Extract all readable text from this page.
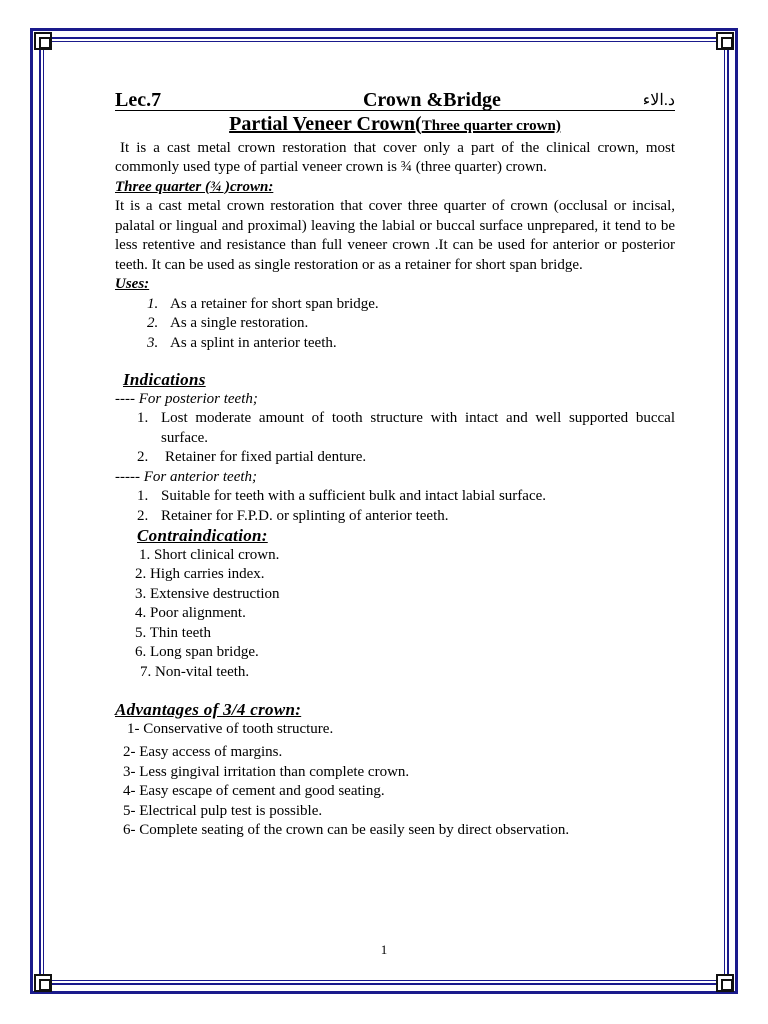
Lec.7	Crown &Bridge	د.الاء
Partial Veneer Crown(Three quarter crown)

It is a cast metal crown restoration that cover only a part of the clinical crown, most commonly used type of partial veneer crown is ¾ (three quarter) crown.

Three quarter (¾ )crown:

It is a cast metal crown restoration that cover three quarter of crown (occlusal or incisal, palatal or lingual and proximal) leaving the labial or buccal surface unprepared, it tend to be less retentive and resistance than full veneer crown .It can be used for anterior or posterior teeth. It can be used as single restoration or as a retainer for short span bridge.

Uses:
1. As a retainer for short span bridge.
2. As a single restoration.
3. As a splint in anterior teeth.
Indications
---- For posterior teeth;
1. Lost moderate amount of tooth structure with intact and well supported buccal surface.
2.	Retainer for fixed partial denture.
----- For anterior teeth;
1. Suitable for teeth with a sufficient bulk and intact labial surface.
2. Retainer for F.P.D. or splinting of anterior teeth.
Contraindication:
1. Short clinical crown.
2. High carries index.
3. Extensive destruction
4. Poor alignment.
5. Thin teeth
6. Long span bridge.
7. Non-vital teeth.
Advantages of 3/4 crown:
1- Conservative of tooth structure.
2- Easy access of margins.
3- Less gingival irritation than complete crown.
4- Easy escape of cement and good seating.
5- Electrical pulp test is possible.
6- Complete seating of the crown can be easily seen by direct observation.
1
